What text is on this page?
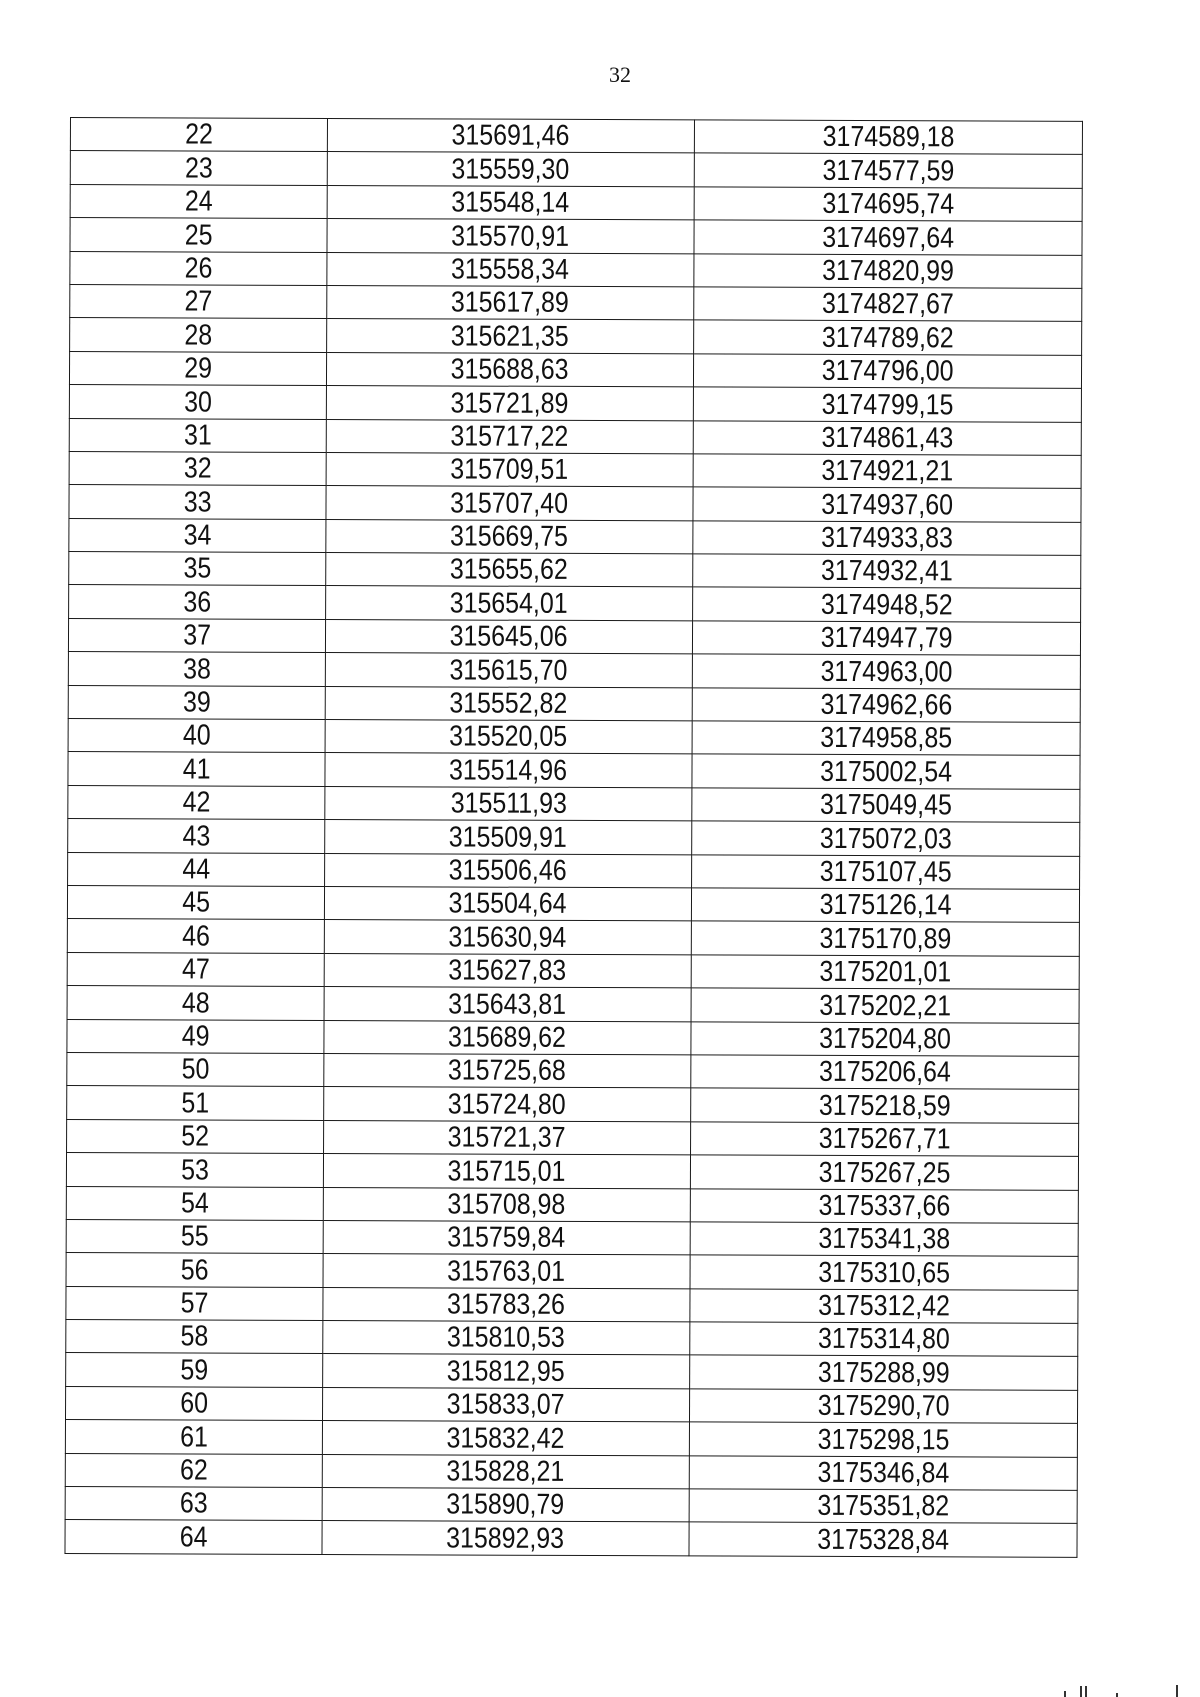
32
22	315691,46	3174589,18
23	315559,30	3174577,59
24	315548,14	3174695,74
25	315570,91	3174697,64
26	315558,34	3174820,99
27	315617,89	3174827,67
28	315621,35	3174789,62
29	315688,63	3174796,00
30	315721,89	3174799,15
31	315717,22	3174861,43
32	315709,51	3174921,21
33	315707,40	3174937,60
34	315669,75	3174933,83
35	315655,62	3174932,41
36	315654,01	3174948,52
37	315645,06	3174947,79
38	315615,70	3174963,00
39	315552,82	3174962,66
40	315520,05	3174958,85
41	315514,96	3175002,54
42	315511,93	3175049,45
43	315509,91	3175072,03
44	315506,46	3175107,45
45	315504,64	3175126,14
46	315630,94	3175170,89
47	315627,83	3175201,01
48	315643,81	3175202,21
49	315689,62	3175204,80
50	315725,68	3175206,64
51	315724,80	3175218,59
52	315721,37	3175267,71
53	315715,01	3175267,25
54	315708,98	3175337,66
55	315759,84	3175341,38
56	315763,01	3175310,65
57	315783,26	3175312,42
58	315810,53	3175314,80
59	315812,95	3175288,99
60	315833,07	3175290,70
61	315832,42	3175298,15
62	315828,21	3175346,84
63	315890,79	3175351,82
64	315892,93	3175328,84
